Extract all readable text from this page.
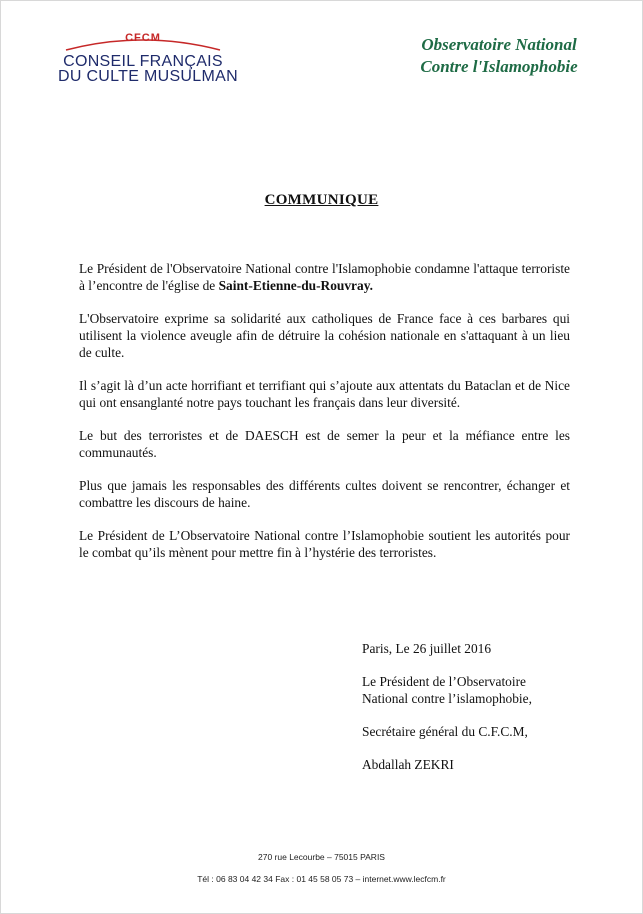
CFCM
CONSEIL FRANÇAIS
DU CULTE MUSULMAN
Observatoire National
Contre l'Islamophobie
COMMUNIQUE

Le Président de l'Observatoire National contre l'Islamophobie condamne l'attaque terroriste à l’encontre de l'église de Saint-Etienne-du-Rouvray.

L'Observatoire exprime sa solidarité aux catholiques de France face à ces barbares qui utilisent la violence aveugle afin de détruire la cohésion nationale en s'attaquant à un lieu de culte.

Il s’agit là d’un acte horrifiant et terrifiant qui s’ajoute aux attentats du Bataclan et de Nice qui ont ensanglanté notre pays touchant les français dans leur diversité.

Le but des terroristes et de DAESCH est de semer la peur et la méfiance entre les communautés.

Plus que jamais les responsables des différents cultes doivent se rencontrer, échanger et combattre les discours de haine.

Le Président de L’Observatoire National contre l’Islamophobie soutient les autorités pour le combat qu’ils mènent pour mettre fin à l’hystérie des terroristes.

Paris, Le 26 juillet 2016

Le Président de l’Observatoire
National contre l’islamophobie,

Secrétaire général du C.F.C.M,

Abdallah ZEKRI

270 rue Lecourbe – 75015 PARIS
Tél : 06 83 04 42 34 Fax : 01 45 58 05 73 – internet.www.lecfcm.fr
